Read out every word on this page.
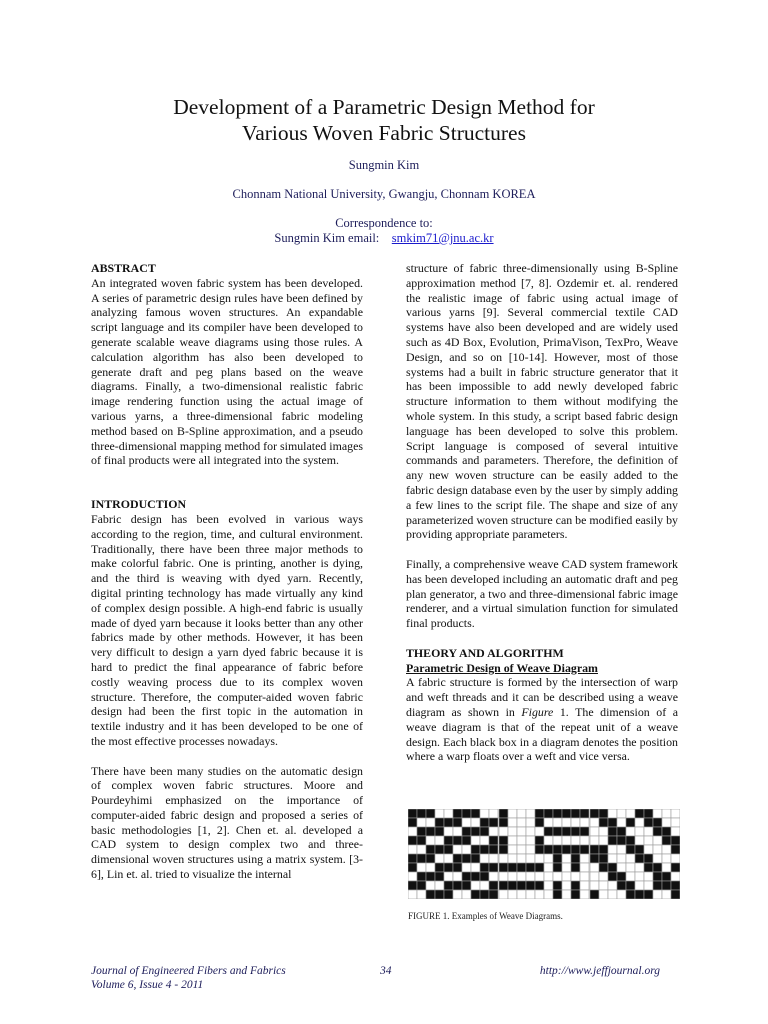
Development of a Parametric Design Method for
Various Woven Fabric Structures
Sungmin Kim
Chonnam National University, Gwangju, Chonnam KOREA
Correspondence to:
Sungmin Kim email: smkim71@jnu.ac.kr

ABSTRACT

An integrated woven fabric system has been developed. A series of parametric design rules have been defined by analyzing famous woven structures. An expandable script language and its compiler have been developed to generate scalable weave diagrams using those rules. A calculation algorithm has also been developed to generate draft and peg plans based on the weave diagrams. Finally, a two-dimensional realistic fabric image rendering function using the actual image of various yarns, a three-dimensional fabric modeling method based on B-Spline approximation, and a pseudo three-dimensional mapping method for simulated images of final products were all integrated into the system.

INTRODUCTION

Fabric design has been evolved in various ways according to the region, time, and cultural environment. Traditionally, there have been three major methods to make colorful fabric. One is printing, another is dying, and the third is weaving with dyed yarn. Recently, digital printing technology has made virtually any kind of complex design possible. A high-end fabric is usually made of dyed yarn because it looks better than any other fabrics made by other methods. However, it has been very difficult to design a yarn dyed fabric because it is hard to predict the final appearance of fabric before costly weaving process due to its complex woven structure. Therefore, the computer-aided woven fabric design had been the first topic in the automation in textile industry and it has been developed to be one of the most effective processes nowadays.

There have been many studies on the automatic design of complex woven fabric structures. Moore and Pourdeyhimi emphasized on the importance of computer-aided fabric design and proposed a series of basic methodologies [1, 2]. Chen et. al. developed a CAD system to design complex two and three-dimensional woven structures using a matrix system. [3-6], Lin et. al. tried to visualize the internal

structure of fabric three-dimensionally using B-Spline approximation method [7, 8]. Ozdemir et. al. rendered the realistic image of fabric using actual image of various yarns [9]. Several commercial textile CAD systems have also been developed and are widely used such as 4D Box, Evolution, PrimaVison, TexPro, Weave Design, and so on [10-14]. However, most of those systems had a built in fabric structure generator that it has been impossible to add newly developed fabric structure information to them without modifying the whole system. In this study, a script based fabric design language has been developed to solve this problem. Script language is composed of several intuitive commands and parameters. Therefore, the definition of any new woven structure can be easily added to the fabric design database even by the user by simply adding a few lines to the script file. The shape and size of any parameterized woven structure can be modified easily by providing appropriate parameters.

Finally, a comprehensive weave CAD system framework has been developed including an automatic draft and peg plan generator, a two and three-dimensional fabric image renderer, and a virtual simulation function for simulated final products.

THEORY AND ALGORITHM

Parametric Design of Weave Diagram

A fabric structure is formed by the intersection of warp and weft threads and it can be described using a weave diagram as shown in Figure 1. The dimension of a weave diagram is that of the repeat unit of a weave design. Each black box in a diagram denotes the position where a warp floats over a weft and vice versa.

FIGURE 1. Examples of Weave Diagrams.
Journal of Engineered Fibers and Fabrics
Volume 6, Issue 4 - 2011
34	http://www.jeffjournal.org
